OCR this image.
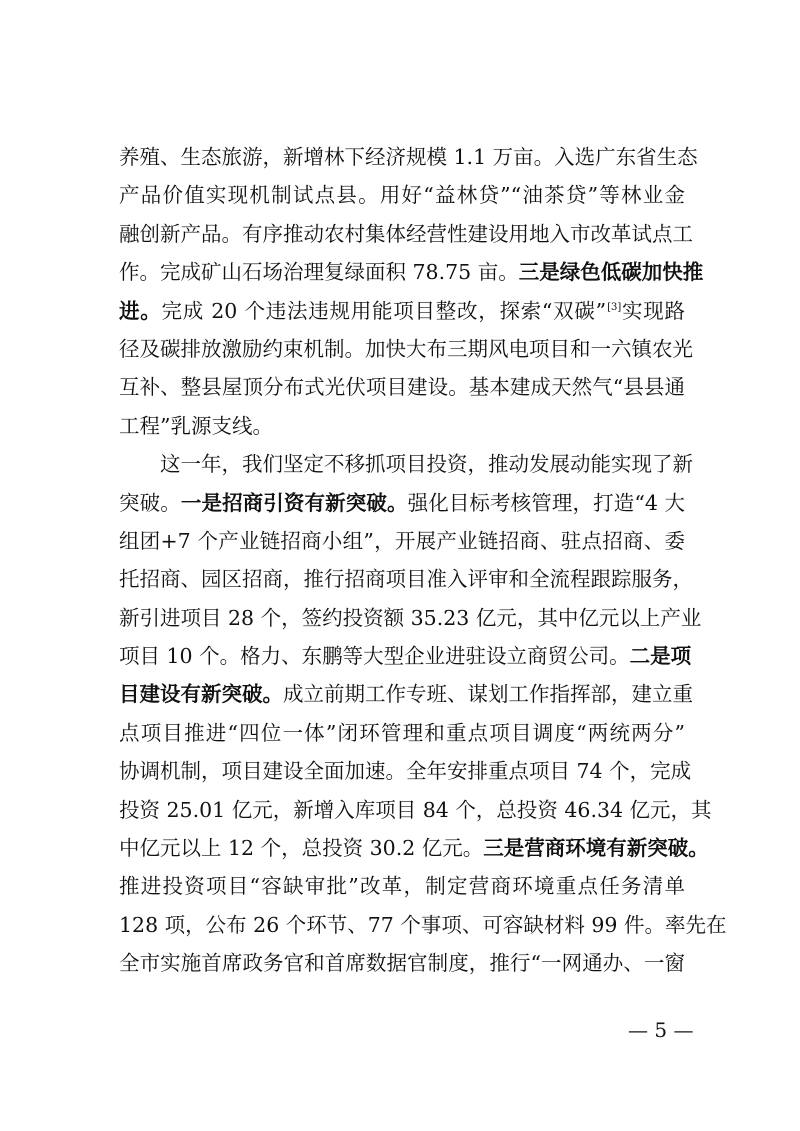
养殖、生态旅游，新增林下经济规模 1.1 万亩。入选广东省生态
产品价值实现机制试点县。用好“益林贷”“油茶贷”等林业金
融创新产品。有序推动农村集体经营性建设用地入市改革试点工
作。完成矿山石场治理复绿面积 78.75 亩。三是绿色低碳加快推
进。完成 20 个违法违规用能项目整改，探索“双碳”[3]实现路
径及碳排放激励约束机制。加快大布三期风电项目和一六镇农光
互补、整县屋顶分布式光伏项目建设。基本建成天然气“县县通
工程”乳源支线。
这一年，我们坚定不移抓项目投资，推动发展动能实现了新
突破。一是招商引资有新突破。强化目标考核管理，打造“4 大
组团+7 个产业链招商小组”，开展产业链招商、驻点招商、委
托招商、园区招商，推行招商项目准入评审和全流程跟踪服务，
新引进项目 28 个，签约投资额 35.23 亿元，其中亿元以上产业
项目 10 个。格力、东鹏等大型企业进驻设立商贸公司。二是项
目建设有新突破。成立前期工作专班、谋划工作指挥部，建立重
点项目推进“四位一体”闭环管理和重点项目调度“两统两分”
协调机制，项目建设全面加速。全年安排重点项目 74 个，完成
投资 25.01 亿元，新增入库项目 84 个，总投资 46.34 亿元，其
中亿元以上 12 个，总投资 30.2 亿元。三是营商环境有新突破。
推进投资项目“容缺审批”改革，制定营商环境重点任务清单
128 项，公布 26 个环节、77 个事项、可容缺材料 99 件。率先在
全市实施首席政务官和首席数据官制度，推行“一网通办、一窗
— 5 —
